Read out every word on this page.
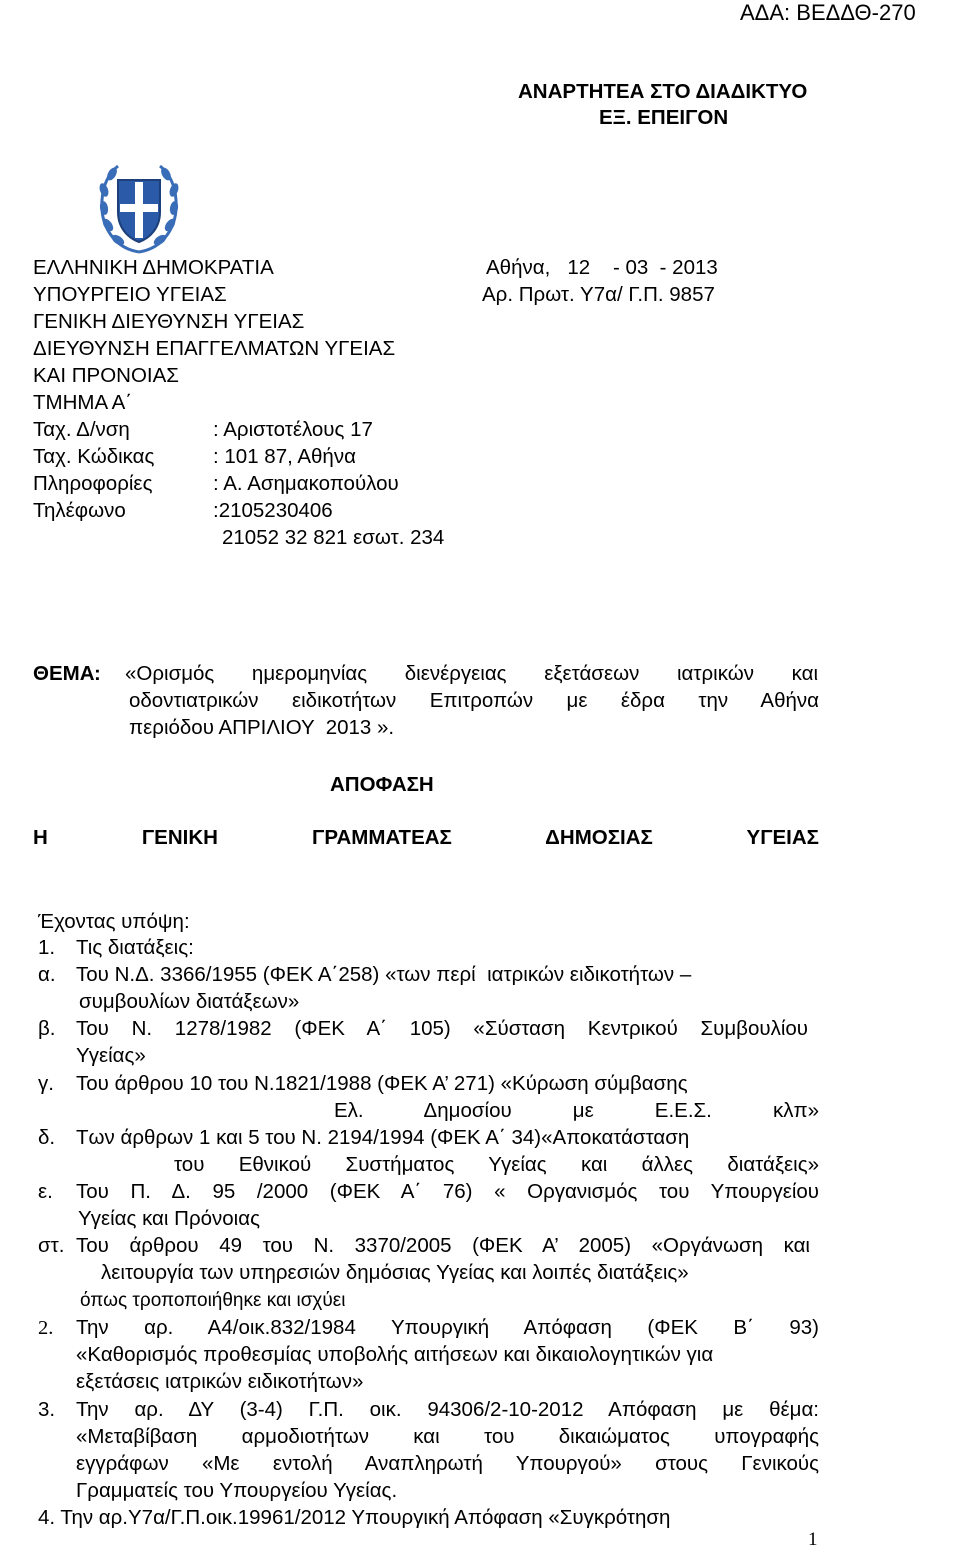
ΑΔΑ: ΒΕΔΔΘ-270
ΑΝΑΡΤΗΤΕΑ ΣΤΟ ΔΙΑΔΙΚΤΥΟ
ΕΞ. ΕΠΕΙΓΟΝ
ΕΛΛΗΝΙΚΗ ΔΗΜΟΚΡΑΤΙΑ
ΥΠΟΥΡΓΕΙΟ ΥΓΕΙΑΣ
ΓΕΝΙΚΗ ΔΙΕΥΘΥΝΣΗ ΥΓΕΙΑΣ
ΔΙΕΥΘΥΝΣΗ ΕΠΑΓΓΕΛΜΑΤΩΝ ΥΓΕΙΑΣ
ΚΑΙ ΠΡΟΝΟΙΑΣ
ΤΜΗΜΑ Α΄
Ταχ. Δ/νση	: Αριστοτέλους 17
Ταχ. Κώδικας	: 101 87, Αθήνα
Πληροφορίες	: Α. Ασημακοπούλου
Τηλέφωνο	:2105230406
21052 32 821 εσωτ. 234
Αθήνα,   12    - 03  - 2013
Αρ. Πρωτ. Υ7α/ Γ.Π. 9857
ΘΕΜΑ : «Ορισμός ημερομηνίας διενέργειας εξετάσεων ιατρικών και
οδοντιατρικών ειδικοτήτων Επιτροπών με έδρα την Αθήνα
περιόδου ΑΠΡΙΛΙΟΥ  2013 ».
ΑΠΟΦΑΣΗ
Η ΓΕΝΙΚΗ ΓΡΑΜΜΑΤΕΑΣ ΔΗΜΟΣΙΑΣ ΥΓΕΙΑΣ
Έχοντας υπόψη:
1. Τις διατάξεις:
α. Του Ν.Δ. 3366/1955 (ΦΕΚ Α΄258) «των περί  ιατρικών ειδικοτήτων –
συμβουλίων διατάξεων»
β. Του Ν. 1278/1982 (ΦΕΚ Α΄ 105) «Σύσταση Κεντρικού Συμβουλίου
Υγείας»
γ. Του άρθρου 10 του Ν.1821/1988 (ΦΕΚ Α’ 271) «Κύρωση σύμβασης
Ελ. Δημοσίου με Ε.Ε.Σ. κλπ»
δ. Των άρθρων 1 και 5 του Ν. 2194/1994 (ΦΕΚ Α΄ 34)«Αποκατάσταση
του Εθνικού Συστήματος Υγείας και άλλες διατάξεις»
ε. Του Π. Δ. 95 /2000 (ΦΕΚ Α΄ 76) « Οργανισμός του Υπουργείου
Υγείας και Πρόνοιας
στ. Του άρθρου 49 του Ν. 3370/2005 (ΦΕΚ Α’ 2005) «Οργάνωση και
λειτουργία των υπηρεσιών δημόσιας Υγείας και λοιπές διατάξεις»
όπως τροποποιήθηκε και ισχύει
2. Την αρ. Α4/οικ.832/1984 Υπουργική Απόφαση (ΦΕΚ Β΄ 93)
«Καθορισμός προθεσμίας υποβολής αιτήσεων και δικαιολογητικών για
εξετάσεις ιατρικών ειδικοτήτων»
3. Την αρ. ΔΥ (3-4) Γ.Π. οικ. 94306/2-10-2012 Απόφαση με θέμα:
«Μεταβίβαση αρμοδιοτήτων και του δικαιώματος υπογραφής
εγγράφων «Με εντολή Αναπληρωτή Υπουργού» στους Γενικούς
Γραμματείς του Υπουργείου Υγείας.
4. Την αρ.Υ7α/Γ.Π.οικ.19961/2012 Υπουργική Απόφαση «Συγκρότηση
1
